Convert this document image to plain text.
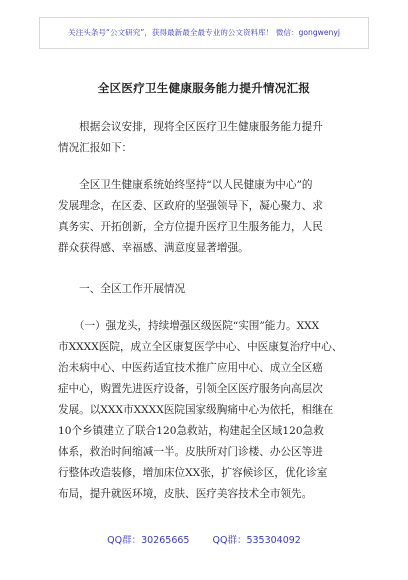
关注头条号“公文研究”，获得最新最全最专业的公文资料库！ 微信：gongwenyj
全区医疗卫生健康服务能力提升情况汇报

　　根据会议安排，现将全区医疗卫生健康服务能力提升
情况汇报如下：

　　全区卫生健康系统始终坚持“以人民健康为中心”的
发展理念，在区委、区政府的坚强领导下，凝心聚力、求
真务实、开拓创新，全方位提升医疗卫生服务能力，人民
群众获得感、幸福感、满意度显著增强。

　　一、全区工作开展情况

　　（一）强龙头，持续增强区级医院“实围”能力。XXX
市XXXX医院，成立全区康复医学中心、中医康复治疗中心、
治未病中心、中医药适宜技术推广应用中心、成立全区癌
症中心，购置先进医疗设备，引领全区医疗服务向高层次
发展。以XXX市XXXX医院国家级胸痛中心为依托，相继在
10个乡镇建立了联合120急救站，构建起全区域120急救
体系，救治时间缩减一半。皮肤所对门诊楼、办公区等进
行整体改造装修，增加床位XX张，扩容候诊区，优化诊室
布局，提升就医环境，皮肤、医疗美容技术全市领先。

QQ群：30265665 QQ群：535304092
